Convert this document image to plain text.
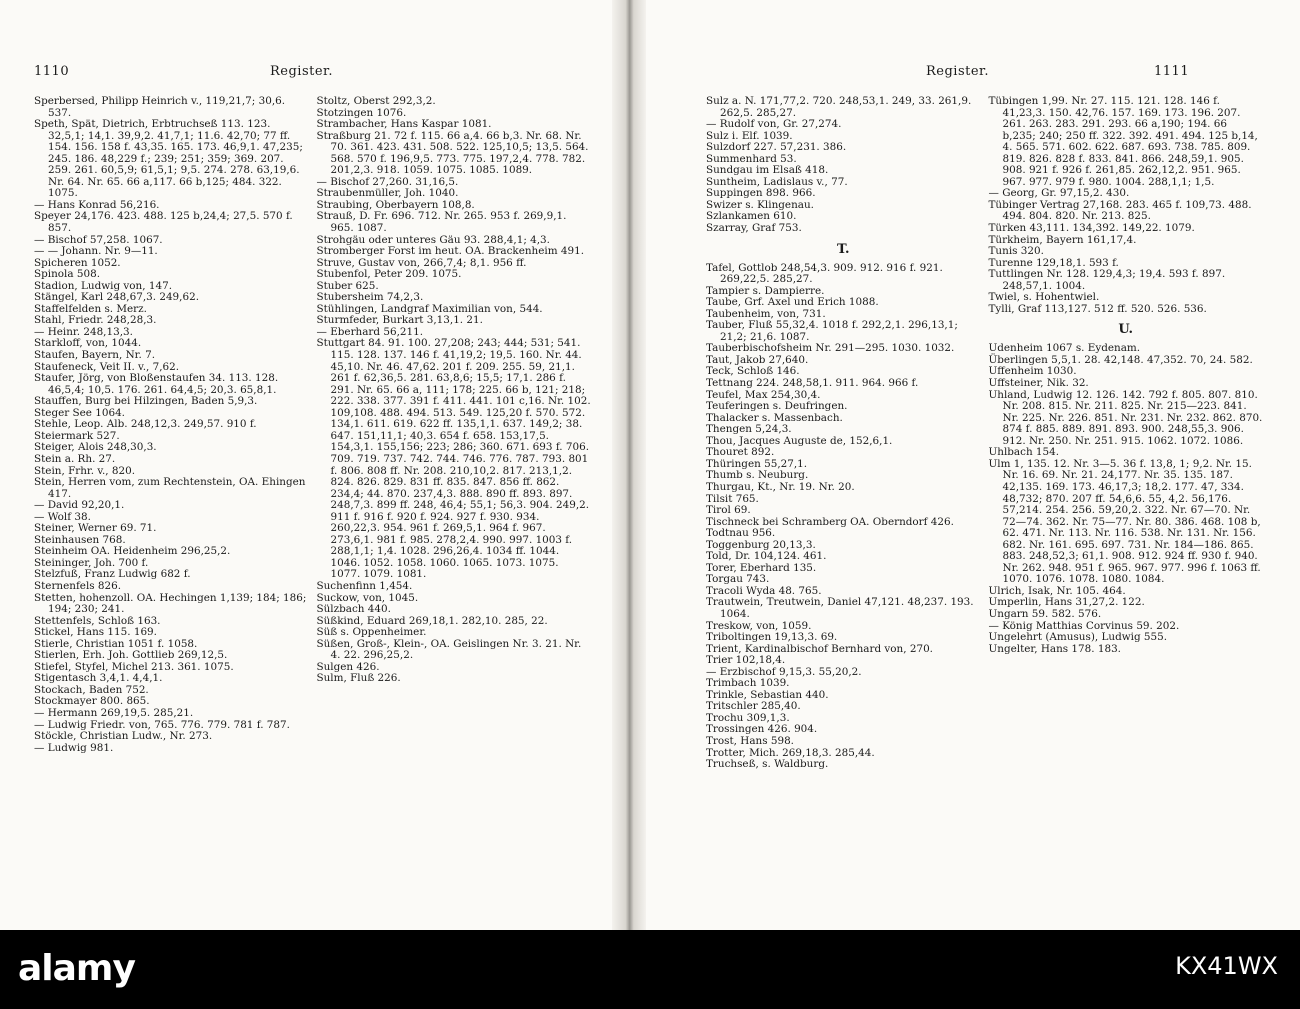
1110	Register.
Sperbersed, Philipp Heinrich v., 119,21,7; 30,6. 537.
Speth, Spät, Dietrich, Erbtruchseß 113. 123. 32,5,1; 14,1. 39,9,2. 41,7,1; 11.6. 42,70; 77 ff. 154. 156. 158 f. 43,35. 165. 173. 46,9,1. 47,235; 245. 186. 48,229 f.; 239; 251; 359; 369. 207. 259. 261. 60,5,9; 61,5,1; 9,5. 274. 278. 63,19,6. Nr. 64. Nr. 65. 66 a,117. 66 b,125; 484. 322. 1075.
— Hans Konrad 56,216.
Speyer 24,176. 423. 488. 125 b,24,4; 27,5. 570 f. 857.
— Bischof 57,258. 1067.
— — Johann. Nr. 9—11.
Spicheren 1052.
Spinola 508.
Stadion, Ludwig von, 147.
Stängel, Karl 248,67,3. 249,62.
Staffelfelden s. Merz.
Stahl, Friedr. 248,28,3.
— Heinr. 248,13,3.
Starkloff, von, 1044.
Staufen, Bayern, Nr. 7.
Staufeneck, Veit II. v., 7,62.
Staufer, Jörg, von Bloßenstaufen 34. 113. 128. 46,5,4; 10,5. 176. 261. 64,4,5; 20,3. 65,8,1.
Stauffen, Burg bei Hilzingen, Baden 5,9,3.
Steger See 1064.
Stehle, Leop. Alb. 248,12,3. 249,57. 910 f.
Steiermark 527.
Steiger, Alois 248,30,3.
Stein a. Rh. 27.
Stein, Frhr. v., 820.
Stein, Herren vom, zum Rechtenstein, OA. Ehingen 417.
— David 92,20,1.
— Wolf 38.
Steiner, Werner 69. 71.
Steinhausen 768.
Steinheim OA. Heidenheim 296,25,2.
Steininger, Joh. 700 f.
Stelzfuß, Franz Ludwig 682 f.
Sternenfels 826.
Stetten, hohenzoll. OA. Hechingen 1,139; 184; 186; 194; 230; 241.
Stettenfels, Schloß 163.
Stickel, Hans 115. 169.
Stierle, Christian 1051 f. 1058.
Stierlen, Erh. Joh. Gottlieb 269,12,5.
Stiefel, Styfel, Michel 213. 361. 1075.
Stigentasch 3,4,1. 4,4,1.
Stockach, Baden 752.
Stockmayer 800. 865.
— Hermann 269,19,5. 285,21.
— Ludwig Friedr. von, 765. 776. 779. 781 f. 787.
Stöckle, Christian Ludw., Nr. 273.
— Ludwig 981.
Stoltz, Oberst 292,3,2.
Stotzingen 1076.
Strambacher, Hans Kaspar 1081.
Straßburg 21. 72 f. 115. 66 a,4. 66 b,3. Nr. 68. Nr. 70. 361. 423. 431. 508. 522. 125,10,5; 13,5. 564. 568. 570 f. 196,9,5. 773. 775. 197,2,4. 778. 782. 201,2,3. 918. 1059. 1075. 1085. 1089.
— Bischof 27,260. 31,16,5.
Straubenmüller, Joh. 1040.
Straubing, Oberbayern 108,8.
Strauß, D. Fr. 696. 712. Nr. 265. 953 f. 269,9,1. 965. 1087.
Strohgäu oder unteres Gäu 93. 288,4,1; 4,3.
Stromberger Forst im heut. OA. Brackenheim 491.
Struve, Gustav von, 266,7,4; 8,1. 956 ff.
Stubenfol, Peter 209. 1075.
Stuber 625.
Stubersheim 74,2,3.
Stühlingen, Landgraf Maximilian von, 544.
Sturmfeder, Burkart 3,13,1. 21.
— Eberhard 56,211.
Stuttgart 84. 91. 100. 27,208; 243; 444; 531; 541. 115. 128. 137. 146 f. 41,19,2; 19,5. 160. Nr. 44. 45,10. Nr. 46. 47,62. 201 f. 209. 255. 59, 21,1. 261 f. 62,36,5. 281. 63,8,6; 15,5; 17,1. 286 f. 291. Nr. 65. 66 a, 111; 178; 225. 66 b, 121; 218; 222. 338. 377. 391 f. 411. 441. 101 c,16. Nr. 102. 109,108. 488. 494. 513. 549. 125,20 f. 570. 572. 134,1. 611. 619. 622 ff. 135,1,1. 637. 149,2; 38. 647. 151,11,1; 40,3. 654 f. 658. 153,17,5. 154,3,1. 155,156; 223; 286; 360. 671. 693 f. 706. 709. 719. 737. 742. 744. 746. 776. 787. 793. 801 f. 806. 808 ff. Nr. 208. 210,10,2. 817. 213,1,2. 824. 826. 829. 831 ff. 835. 847. 856 ff. 862. 234,4; 44. 870. 237,4,3. 888. 890 ff. 893. 897. 248,7,3. 899 ff. 248, 46,4; 55,1; 56,3. 904. 249,2. 911 f. 916 f. 920 f. 924. 927 f. 930. 934. 260,22,3. 954. 961 f. 269,5,1. 964 f. 967. 273,6,1. 981 f. 985. 278,2,4. 990. 997. 1003 f. 288,1,1; 1,4. 1028. 296,26,4. 1034 ff. 1044. 1046. 1052. 1058. 1060. 1065. 1073. 1075. 1077. 1079. 1081.
Suchenfinn 1,454.
Suckow, von, 1045.
Sülzbach 440.
Süßkind, Eduard 269,18,1. 282,10. 285, 22.
Süß s. Oppenheimer.
Süßen, Groß-, Klein-, OA. Geislingen Nr. 3. 21. Nr. 4. 22. 296,25,2.
Sulgen 426.
Sulm, Fluß 226.
Register.	1111
Sulz a. N. 171,77,2. 720. 248,53,1. 249, 33. 261,9. 262,5. 285,27.
— Rudolf von, Gr. 27,274.
Sulz i. Elf. 1039.
Sulzdorf 227. 57,231. 386.
Summenhard 53.
Sundgau im Elsaß 418.
Suntheim, Ladislaus v., 77.
Suppingen 898. 966.
Swizer s. Klingenau.
Szlankamen 610.
Szarray, Graf 753.
T.
Tafel, Gottlob 248,54,3. 909. 912. 916 f. 921. 269,22,5. 285,27.
Tampier s. Dampierre.
Taube, Grf. Axel und Erich 1088.
Taubenheim, von, 731.
Tauber, Fluß 55,32,4. 1018 f. 292,2,1. 296,13,1; 21,2; 21,6. 1087.
Tauberbischofsheim Nr. 291—295. 1030. 1032.
Taut, Jakob 27,640.
Teck, Schloß 146.
Tettnang 224. 248,58,1. 911. 964. 966 f.
Teufel, Max 254,30,4.
Teuferingen s. Deufringen.
Thalacker s. Massenbach.
Thengen 5,24,3.
Thou, Jacques Auguste de, 152,6,1.
Thouret 892.
Thüringen 55,27,1.
Thumb s. Neuburg.
Thurgau, Kt., Nr. 19. Nr. 20.
Tilsit 765.
Tirol 69.
Tischneck bei Schramberg OA. Oberndorf 426.
Todtnau 956.
Toggenburg 20,13,3.
Told, Dr. 104,124. 461.
Torer, Eberhard 135.
Torgau 743.
Tracoli Wyda 48. 765.
Trautwein, Treutwein, Daniel 47,121. 48,237. 193. 1064.
Treskow, von, 1059.
Triboltingen 19,13,3. 69.
Trient, Kardinalbischof Bernhard von, 270.
Trier 102,18,4.
— Erzbischof 9,15,3. 55,20,2.
Trimbach 1039.
Trinkle, Sebastian 440.
Tritschler 285,40.
Trochu 309,1,3.
Trossingen 426. 904.
Trost, Hans 598.
Trotter, Mich. 269,18,3. 285,44.
Truchseß, s. Waldburg.
Tübingen 1,99. Nr. 27. 115. 121. 128. 146 f. 41,23,3. 150. 42,76. 157. 169. 173. 196. 207. 261. 263. 283. 291. 293. 66 a,190; 194. 66 b,235; 240; 250 ff. 322. 392. 491. 494. 125 b,14, 4. 565. 571. 602. 622. 687. 693. 738. 785. 809. 819. 826. 828 f. 833. 841. 866. 248,59,1. 905. 908. 921 f. 926 f. 261,85. 262,12,2. 951. 965. 967. 977. 979 f. 980. 1004. 288,1,1; 1,5.
— Georg, Gr. 97,15,2. 430.
Tübinger Vertrag 27,168. 283. 465 f. 109,73. 488. 494. 804. 820. Nr. 213. 825.
Türken 43,111. 134,392. 149,22. 1079.
Türkheim, Bayern 161,17,4.
Tunis 320.
Turenne 129,18,1. 593 f.
Tuttlingen Nr. 128. 129,4,3; 19,4. 593 f. 897. 248,57,1. 1004.
Twiel, s. Hohentwiel.
Tylli, Graf 113,127. 512 ff. 520. 526. 536.
U.
Udenheim 1067 s. Eydenam.
Überlingen 5,5,1. 28. 42,148. 47,352. 70, 24. 582.
Uffenheim 1030.
Uffsteiner, Nik. 32.
Uhland, Ludwig 12. 126. 142. 792 f. 805. 807. 810. Nr. 208. 815. Nr. 211. 825. Nr. 215—223. 841. Nr. 225. Nr. 226. 851. Nr. 231. Nr. 232. 862. 870. 874 f. 885. 889. 891. 893. 900. 248,55,3. 906. 912. Nr. 250. Nr. 251. 915. 1062. 1072. 1086.
Uhlbach 154.
Ulm 1, 135. 12. Nr. 3—5. 36 f. 13,8, 1; 9,2. Nr. 15. Nr. 16. 69. Nr. 21. 24,177. Nr. 35. 135. 187. 42,135. 169. 173. 46,17,3; 18,2. 177. 47, 334. 48,732; 870. 207 ff. 54,6,6. 55, 4,2. 56,176. 57,214. 254. 256. 59,20,2. 322. Nr. 67—70. Nr. 72—74. 362. Nr. 75—77. Nr. 80. 386. 468. 108 b, 62. 471. Nr. 113. Nr. 116. 538. Nr. 131. Nr. 156. 682. Nr. 161. 695. 697. 731. Nr. 184—186. 865. 883. 248,52,3; 61,1. 908. 912. 924 ff. 930 f. 940. Nr. 262. 948. 951 f. 965. 967. 977. 996 f. 1063 ff. 1070. 1076. 1078. 1080. 1084.
Ulrich, Isak, Nr. 105. 464.
Umperlin, Hans 31,27,2. 122.
Ungarn 59. 582. 576.
— König Matthias Corvinus 59. 202.
Ungelehrt (Amusus), Ludwig 555.
Ungelter, Hans 178. 183.
alamy	KX41WX
